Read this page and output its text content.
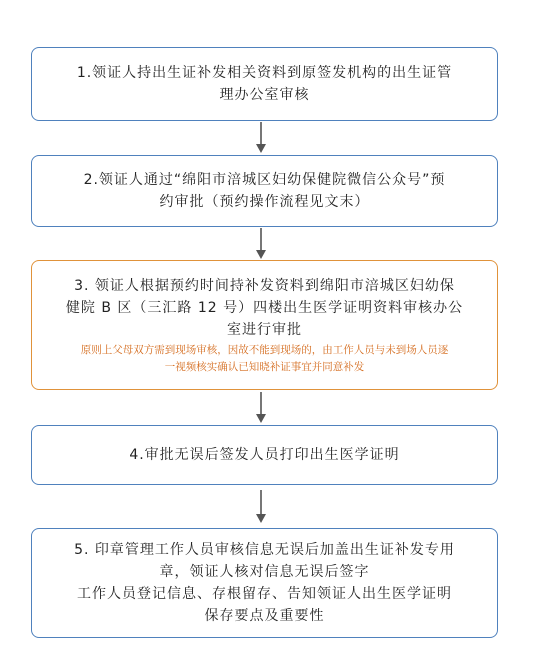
1.领证人持出生证补发相关资料到原签发机构的出生证管
理办公室审核
2.领证人通过“绵阳市涪城区妇幼保健院微信公众号”预
约审批（预约操作流程见文末）
3. 领证人根据预约时间持补发资料到绵阳市涪城区妇幼保
健院 B 区（三汇路 12 号）四楼出生医学证明资料审核办公
室进行审批
原则上父母双方需到现场审核，因故不能到现场的，由工作人员与未到场人员逐
一视频核实确认已知晓补证事宜并同意补发
4.审批无误后签发人员打印出生医学证明
5. 印章管理工作人员审核信息无误后加盖出生证补发专用
章，领证人核对信息无误后签字
工作人员登记信息、存根留存、告知领证人出生医学证明
保存要点及重要性
